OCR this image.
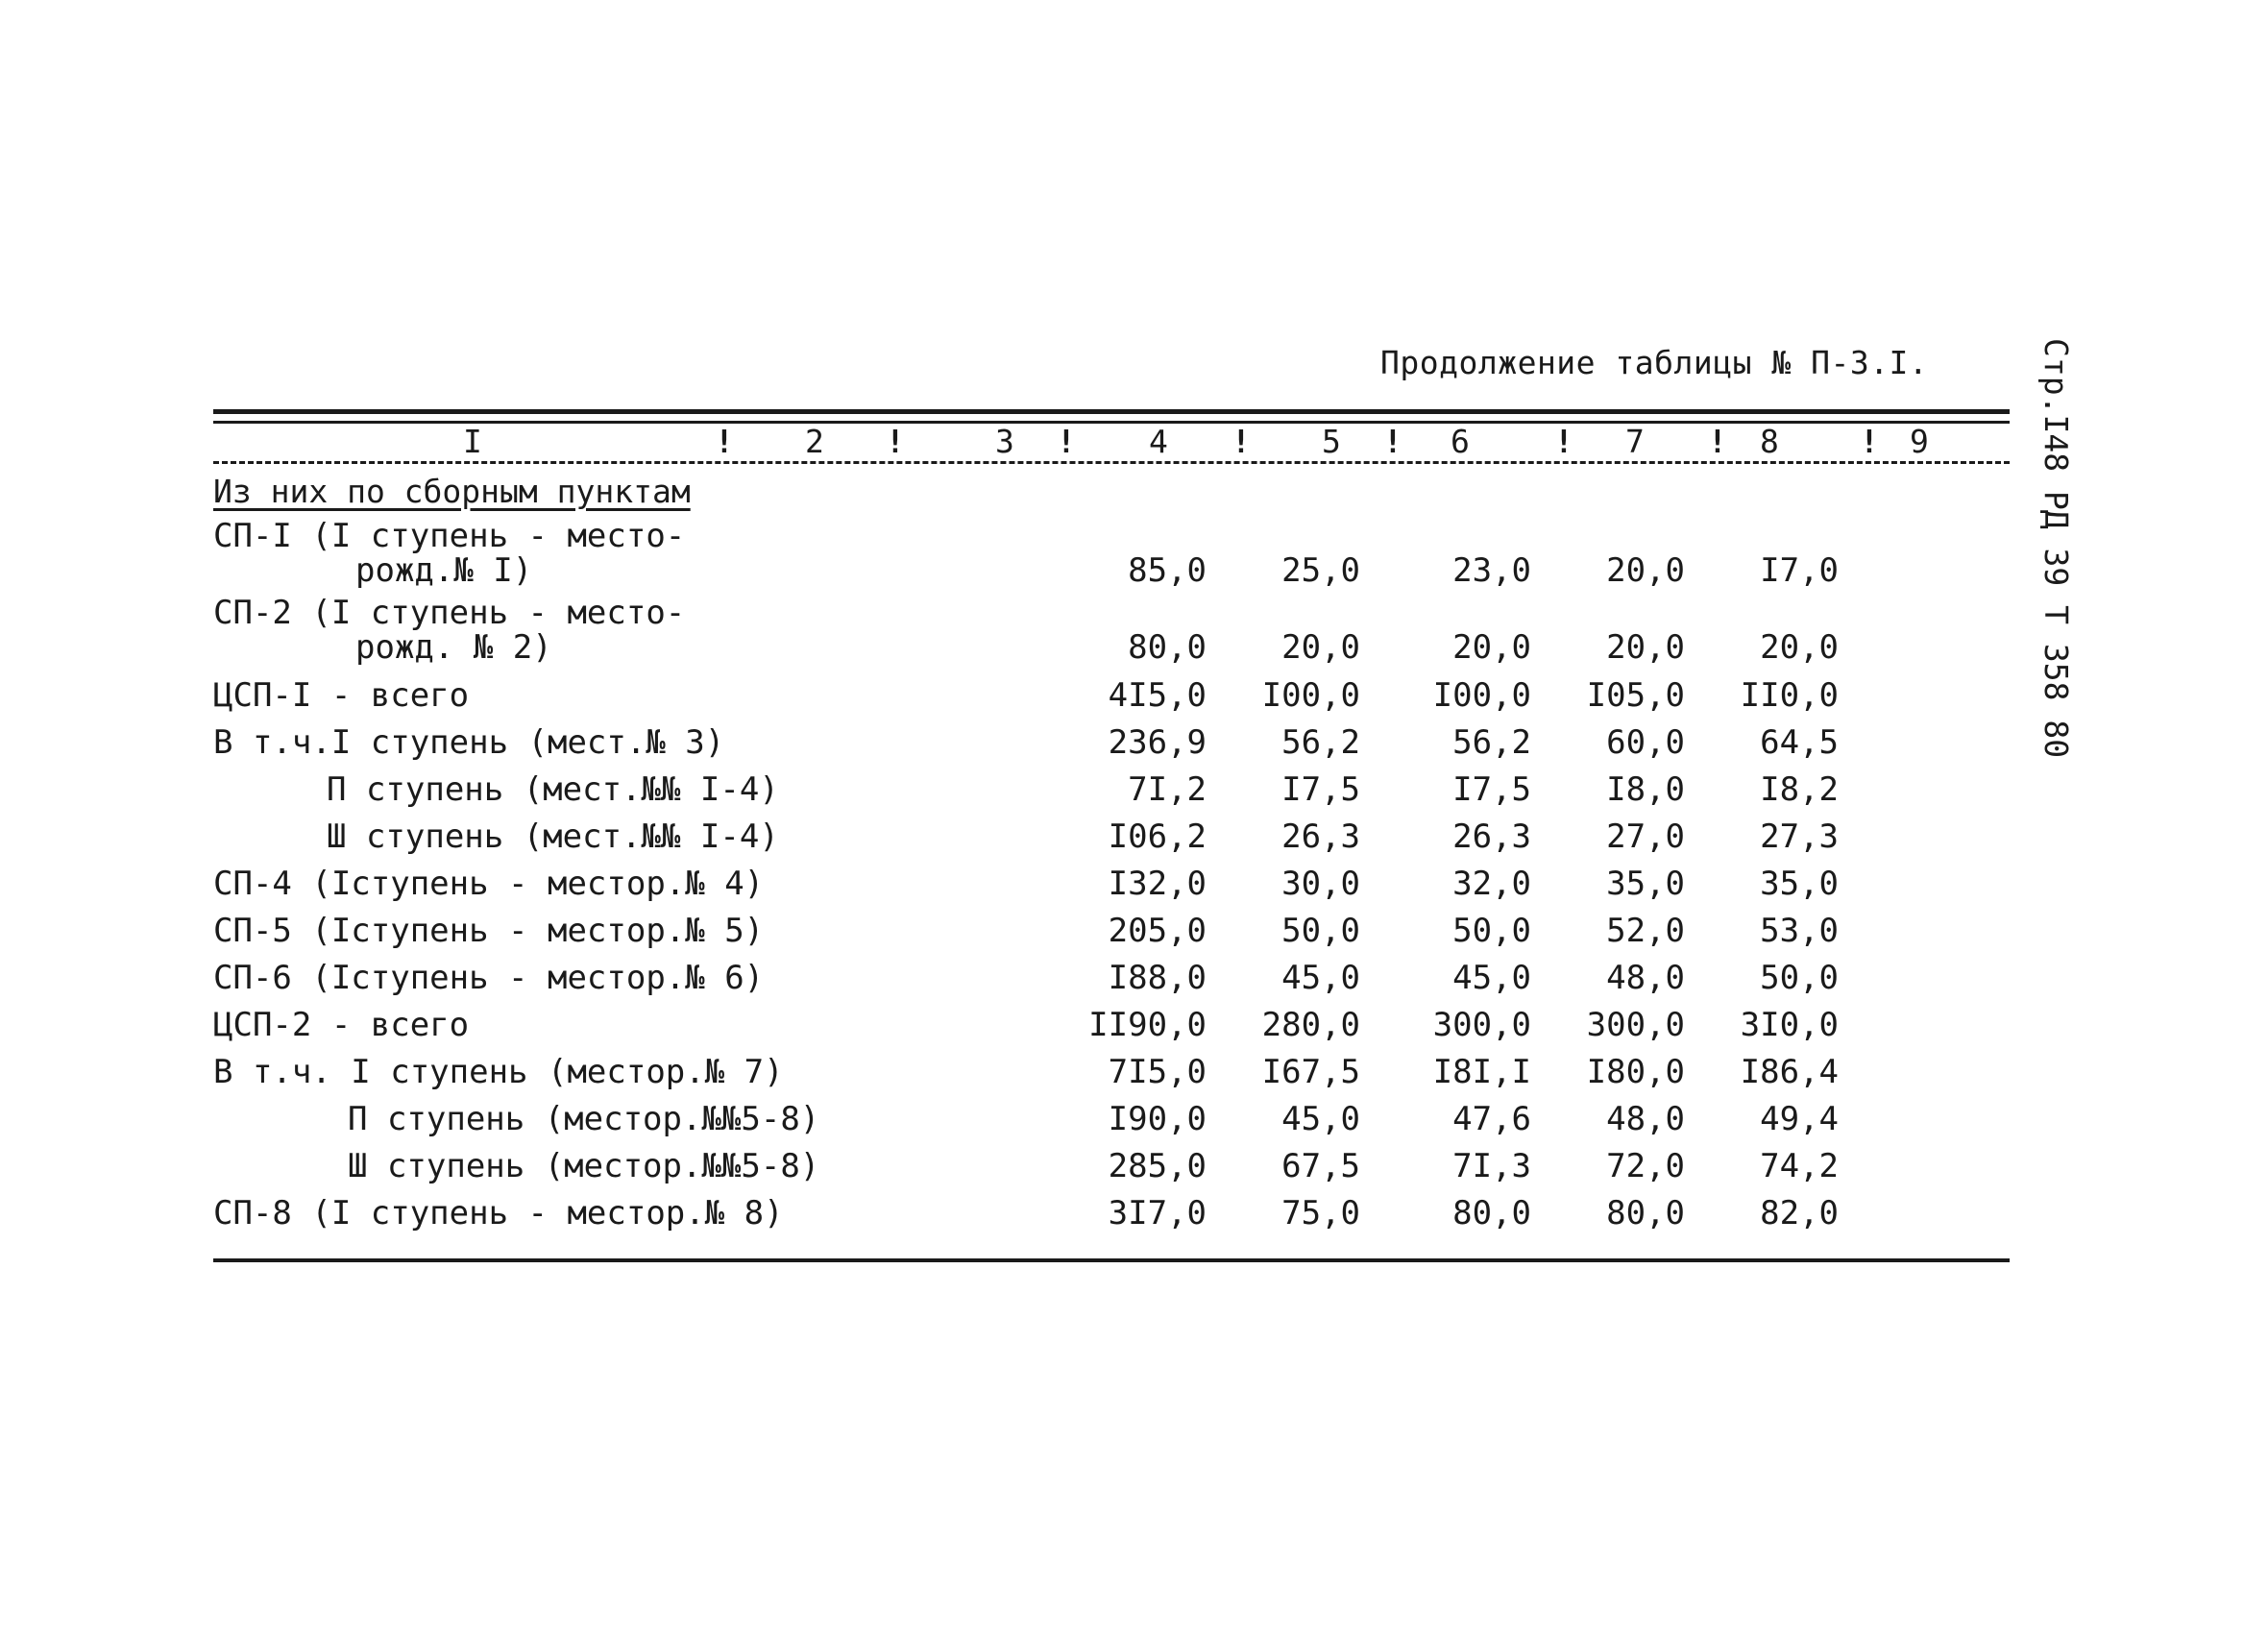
Продолжение таблицы № П-3.I.	Стр.I48 РД 39 Т 358 80
I	! 2 !	3 ! 4 ! 5 ! 6	! 7 ! 8	! 9
Из них по сборным пунктам
СП-I (I ступень - место-
рожд.№ I)	85,0	25,0	23,0	20,0	I7,0
СП-2 (I ступень - место-
рожд. № 2)	80,0	20,0	20,0	20,0	20,0
ЦСП-I - всего	4I5,0	I00,0	I00,0	I05,0	II0,0
В т.ч.I ступень (мест.№ 3)	236,9	56,2	56,2	60,0	64,5
П ступень (мест.№№ I-4)	7I,2	I7,5	I7,5	I8,0	I8,2
Ш ступень (мест.№№ I-4)	I06,2	26,3	26,3	27,0	27,3
СП-4 (Iступень - местор.№ 4)	I32,0	30,0	32,0	35,0	35,0
СП-5 (Iступень - местор.№ 5)	205,0	50,0	50,0	52,0	53,0
СП-6 (Iступень - местор.№ 6)	I88,0	45,0	45,0	48,0	50,0
ЦСП-2 - всего	II90,0	280,0	300,0	300,0	3I0,0
В т.ч. I ступень (местор.№ 7)	7I5,0	I67,5	I8I,I	I80,0	I86,4
П ступень (местор.№№5-8)	I90,0	45,0	47,6	48,0	49,4
Ш ступень (местор.№№5-8)	285,0	67,5	7I,3	72,0	74,2
СП-8 (I ступень - местор.№ 8)	3I7,0	75,0	80,0	80,0	82,0
